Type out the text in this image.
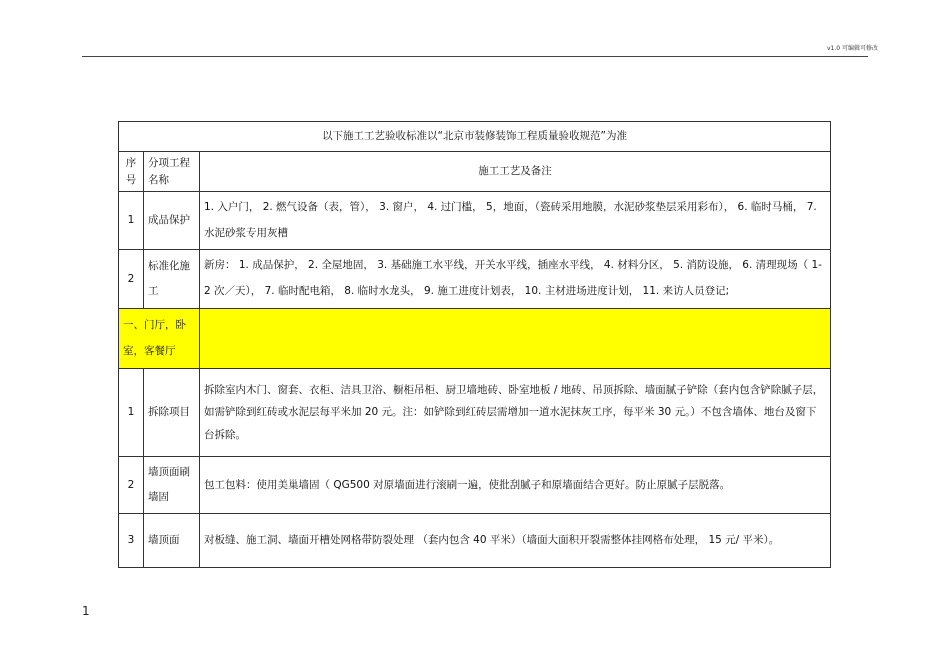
v1.0 可编辑可修改
以下施工工艺验收标准以“北京市装修装饰工程质量验收规范”为准		
序号	分项工程名称	施工工艺及备注
1	成品保护	1. 入户门， 2. 燃气设备（表，管）， 3. 窗户， 4. 过门槛， 5，地面，（瓷砖采用地膜，水泥砂浆垫层采用彩布）， 6. 临时马桶， 7. 水泥砂浆专用灰槽
2	标准化施工	新房： 1. 成品保护， 2. 全屋地固， 3. 基础施工水平线，开关水平线，插座水平线， 4. 材料分区， 5. 消防设施， 6. 清理现场（ 1-2 次／天）， 7. 临时配电箱， 8. 临时水龙头， 9. 施工进度计划表， 10. 主材进场进度计划， 11. 来访人员登记;
一、门厅，卧室，客餐厅		
1	拆除项目	拆除室内木门、窗套、衣柜、洁具卫浴、橱柜吊柜、厨卫墙地砖、卧室地板 / 地砖、吊顶拆除、墙面腻子铲除（套内包含铲除腻子层，如需铲除到红砖或水泥层每平米加 20 元。注：如铲除到红砖层需增加一道水泥抹灰工序，每平米 30 元。）不包含墙体、地台及窗下台拆除。
2	墙顶面刷墙固	包工包料：使用美巢墙固（ QG500 对原墙面进行滚刷一遍，使批刮腻子和原墙面结合更好。防止原腻子层脱落。
3	墙顶面	对板缝、施工洞、墙面开槽处网格带防裂处理 （套内包含 40 平米）（墙面大面积开裂需整体挂网格布处理， 15 元/ 平米）。
1
